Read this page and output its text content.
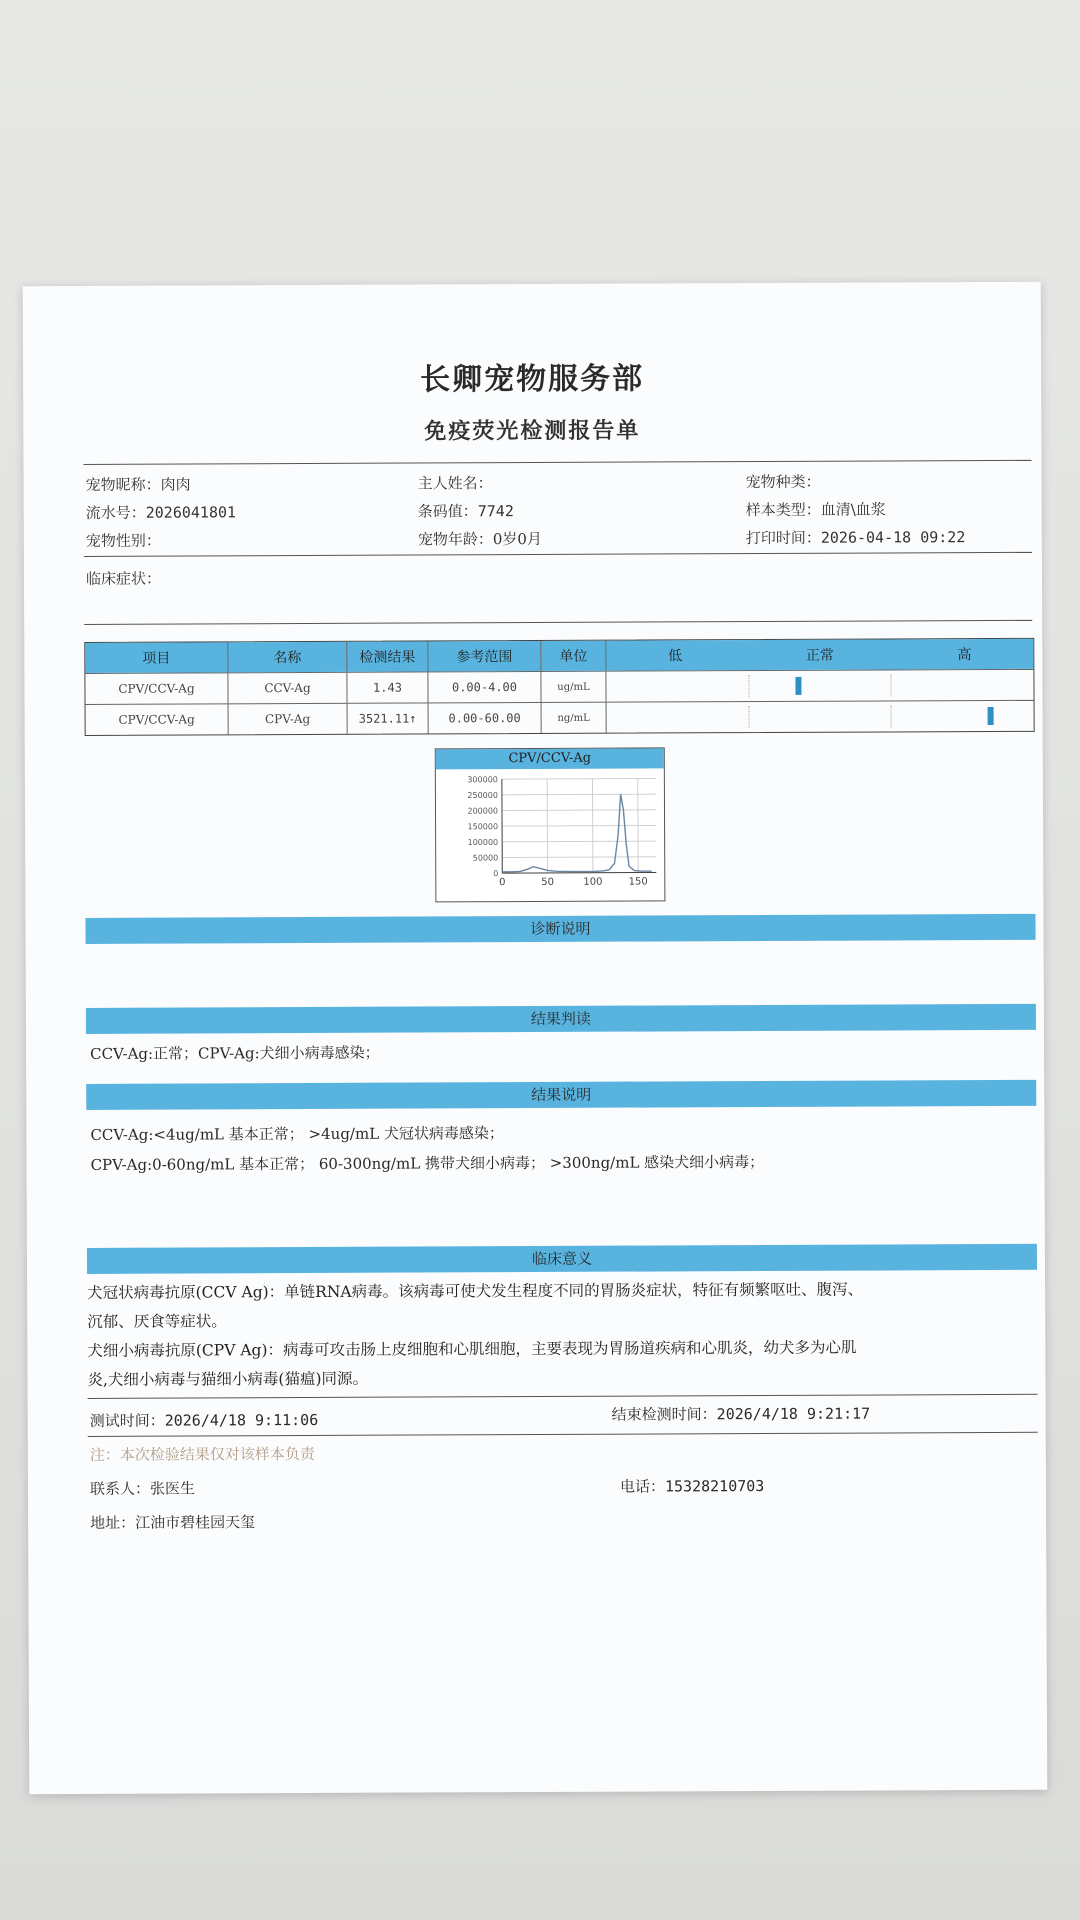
长卿宠物服务部
免疫荧光检测报告单
宠物昵称：肉肉	主人姓名：	宠物种类：
流水号：2026041801	条码值：7742	样本类型：血清\血浆
宠物性别：	宠物年龄：0岁0月	打印时间：2026-04-18 09:22
临床症状：
项目	名称	检测结果	参考范围	单位	低	正常	高
CPV/CCV-Ag	CCV-Ag	1.43	0.00-4.00	ug/mL
CPV/CCV-Ag	CPV-Ag	3521.11↑	0.00-60.00	ng/mL
CPV/CCV-Ag
0
50000
100000
150000
200000
250000
300000
0	50	100	150
诊断说明
结果判读
CCV-Ag:正常；CPV-Ag:犬细小病毒感染；
结果说明
CCV-Ag:<4ug/mL 基本正常； >4ug/mL 犬冠状病毒感染；
CPV-Ag:0-60ng/mL 基本正常； 60-300ng/mL 携带犬细小病毒； >300ng/mL 感染犬细小病毒；
临床意义
犬冠状病毒抗原(CCV Ag)：单链RNA病毒。该病毒可使犬发生程度不同的胃肠炎症状，特征有频繁呕吐、腹泻、
沉郁、厌食等症状。
犬细小病毒抗原(CPV Ag)：病毒可攻击肠上皮细胞和心肌细胞，主要表现为胃肠道疾病和心肌炎，幼犬多为心肌
炎,犬细小病毒与猫细小病毒(猫瘟)同源。
测试时间：2026/4/18 9:11:06	结束检测时间：2026/4/18 9:21:17
注：本次检验结果仅对该样本负责
联系人：张医生	电话：15328210703
地址：江油市碧桂园天玺
